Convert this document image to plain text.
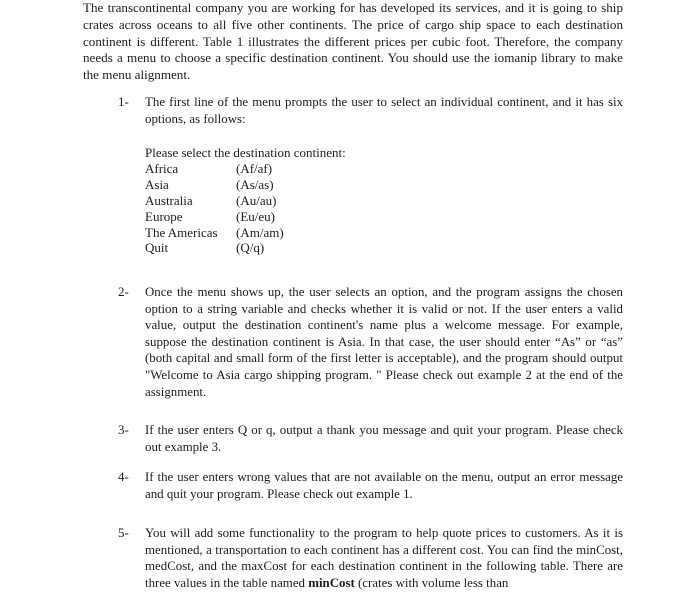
The transcontinental company you are working for has developed its services, and it is going to ship crates across oceans to all five other continents. The price of cargo ship space to each destination continent is different. Table 1 illustrates the different prices per cubic foot. Therefore, the company needs a menu to choose a specific destination continent. You should use the iomanip library to make the menu alignment.

1- The first line of the menu prompts the user to select an individual continent, and it has six options, as follows:
Please select the destination continent:
Africa	(Af/af)
Asia	(As/as)
Australia	(Au/au)
Europe	(Eu/eu)
The Americas	(Am/am)
Quit	(Q/q)
2- Once the menu shows up, the user selects an option, and the program assigns the chosen option to a string variable and checks whether it is valid or not. If the user enters a valid value, output the destination continent's name plus a welcome message. For example, suppose the destination continent is Asia. In that case, the user should enter “As” or “as” (both capital and small form of the first letter is acceptable), and the program should output "Welcome to Asia cargo shipping program. " Please check out example 2 at the end of the assignment.
3- If the user enters Q or q, output a thank you message and quit your program. Please check out example 3.
4- If the user enters wrong values that are not available on the menu, output an error message and quit your program. Please check out example 1.
5- You will add some functionality to the program to help quote prices to customers. As it is mentioned, a transportation to each continent has a different cost. You can find the minCost, medCost, and the maxCost for each destination continent in the following table. There are three values in the table named minCost (crates with volume less than
